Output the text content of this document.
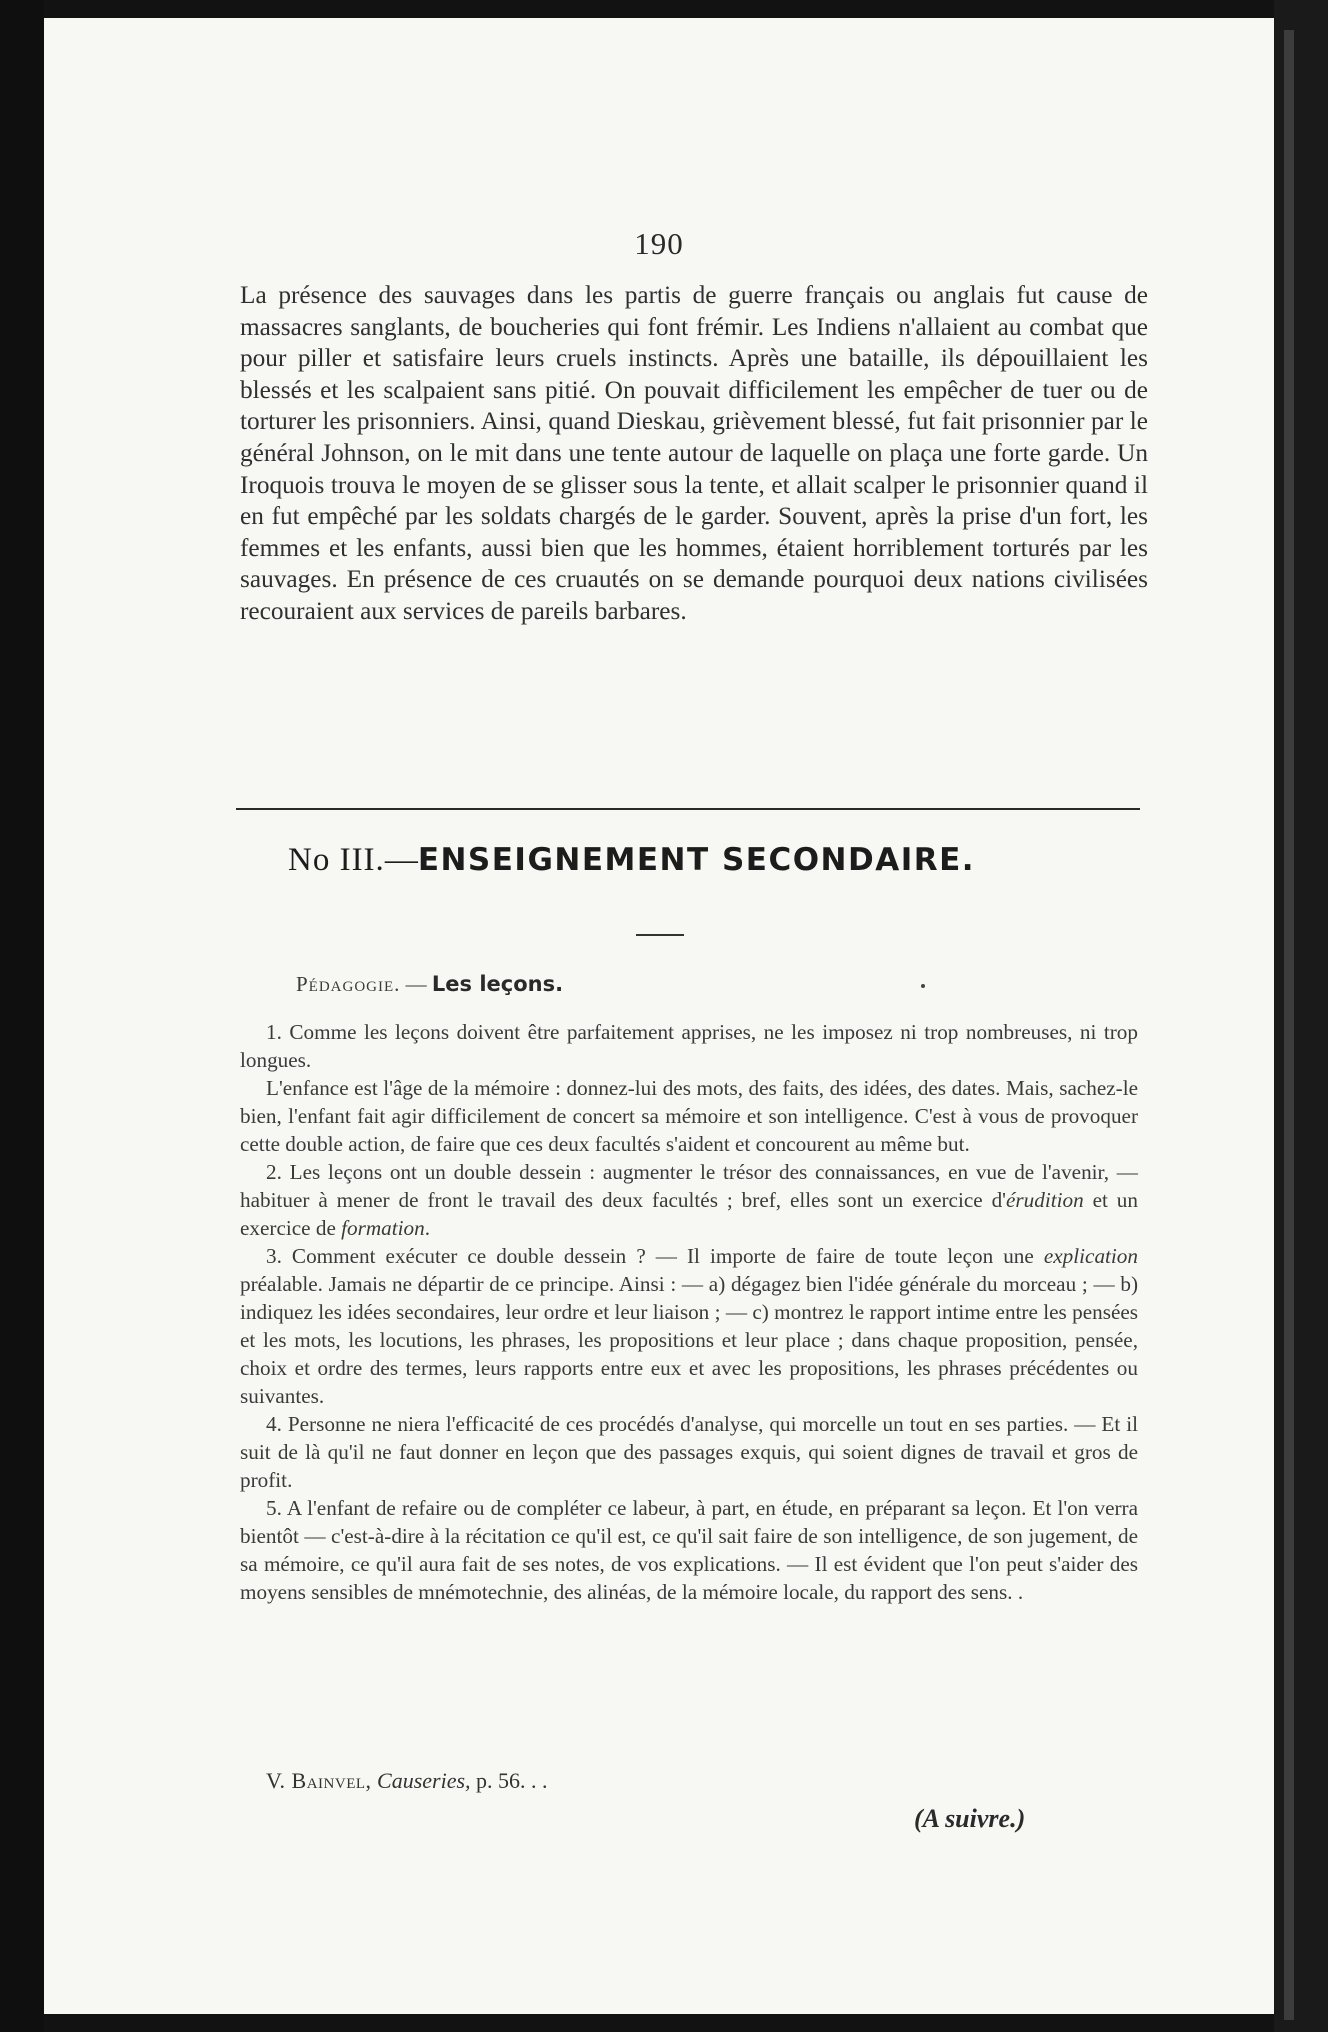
190

La présence des sauvages dans les partis de guerre français ou anglais fut cause de massacres sanglants, de boucheries qui font frémir. Les Indiens n'allaient au combat que pour piller et satisfaire leurs cruels instincts. Après une bataille, ils dépouillaient les blessés et les scalpaient sans pitié. On pouvait difficilement les empêcher de tuer ou de torturer les prisonniers. Ainsi, quand Dieskau, grièvement blessé, fut fait prisonnier par le général Johnson, on le mit dans une tente autour de laquelle on plaça une forte garde. Un Iroquois trouva le moyen de se glisser sous la tente, et allait scalper le prisonnier quand il en fut empêché par les soldats chargés de le garder. Souvent, après la prise d'un fort, les femmes et les enfants, aussi bien que les hommes, étaient horriblement torturés par les sauvages. En présence de ces cruautés on se demande pourquoi deux nations civilisées recouraient aux services de pareils barbares.

No III.—ENSEIGNEMENT SECONDAIRE.
Pédagogie. — Les leçons.

1. Comme les leçons doivent être parfaitement apprises, ne les imposez ni trop nombreuses, ni trop longues.

L'enfance est l'âge de la mémoire : donnez-lui des mots, des faits, des idées, des dates. Mais, sachez-le bien, l'enfant fait agir difficilement de concert sa mémoire et son intelligence. C'est à vous de provoquer cette double action, de faire que ces deux facultés s'aident et concourent au même but.

2. Les leçons ont un double dessein : augmenter le trésor des connaissances, en vue de l'avenir, — habituer à mener de front le travail des deux facultés ; bref, elles sont un exercice d'érudition et un exercice de formation.

3. Comment exécuter ce double dessein ? — Il importe de faire de toute leçon une explication préalable. Jamais ne départir de ce principe. Ainsi : — a) dégagez bien l'idée générale du morceau ; — b) indiquez les idées secondaires, leur ordre et leur liaison ; — c) montrez le rapport intime entre les pensées et les mots, les locutions, les phrases, les propositions et leur place ; dans chaque proposition, pensée, choix et ordre des termes, leurs rapports entre eux et avec les propositions, les phrases précédentes ou suivantes.

4. Personne ne niera l'efficacité de ces procédés d'analyse, qui morcelle un tout en ses parties. — Et il suit de là qu'il ne faut donner en leçon que des passages exquis, qui soient dignes de travail et gros de profit.

5. A l'enfant de refaire ou de compléter ce labeur, à part, en étude, en préparant sa leçon. Et l'on verra bientôt — c'est-à-dire à la récitation ce qu'il est, ce qu'il sait faire de son intelligence, de son jugement, de sa mémoire, ce qu'il aura fait de ses notes, de vos explications. — Il est évident que l'on peut s'aider des moyens sensibles de mnémotechnie, des alinéas, de la mémoire locale, du rapport des sens. .

V. Bainvel, Causeries, p. 56. . .
(A suivre.)
